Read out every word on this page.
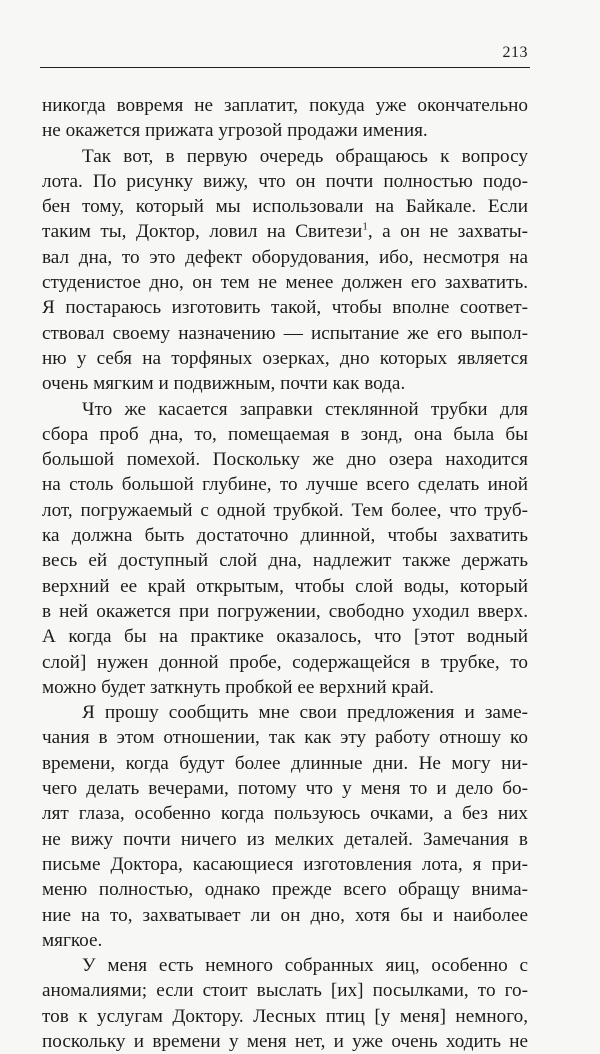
213

никогда вовремя не заплатит, покуда уже окончательно
не окажется прижата угрозой продажи имения.

Так вот, в первую очередь обращаюсь к вопросу
лота. По рисунку вижу, что он почти полностью подо-
бен тому, который мы использовали на Байкале. Если
таким ты, Доктор, ловил на Свитези$^1$, а он не захваты-
вал дна, то это дефект оборудования, ибо, несмотря на
студенистое дно, он тем не менее должен его захватить.
Я постараюсь изготовить такой, чтобы вполне соответ-
ствовал своему назначению — испытание же его выпол-
ню у себя на торфяных озерках, дно которых является
очень мягким и подвижным, почти как вода.

Что же касается заправки стеклянной трубки для
сбора проб дна, то, помещаемая в зонд, она была бы
большой помехой. Поскольку же дно озера находится
на столь большой глубине, то лучше всего сделать иной
лот, погружаемый с одной трубкой. Тем более, что труб-
ка должна быть достаточно длинной, чтобы захватить
весь ей доступный слой дна, надлежит также держать
верхний ее край открытым, чтобы слой воды, который
в ней окажется при погружении, свободно уходил вверх.
А когда бы на практике оказалось, что [этот водный
слой] нужен донной пробе, содержащейся в трубке, то
можно будет заткнуть пробкой ее верхний край.

Я прошу сообщить мне свои предложения и заме-
чания в этом отношении, так как эту работу отношу ко
времени, когда будут более длинные дни. Не могу ни-
чего делать вечерами, потому что у меня то и дело бо-
лят глаза, особенно когда пользуюсь очками, а без них
не вижу почти ничего из мелких деталей. Замечания в
письме Доктора, касающиеся изготовления лота, я при-
меню полностью, однако прежде всего обращу внима-
ние на то, захватывает ли он дно, хотя бы и наиболее
мягкое.

У меня есть немного собранных яиц, особенно с
аномалиями; если стоит выслать [их] посылками, то го-
тов к услугам Доктору. Лесных птиц [у меня] немного,
поскольку и времени у меня нет, и уже очень ходить не
